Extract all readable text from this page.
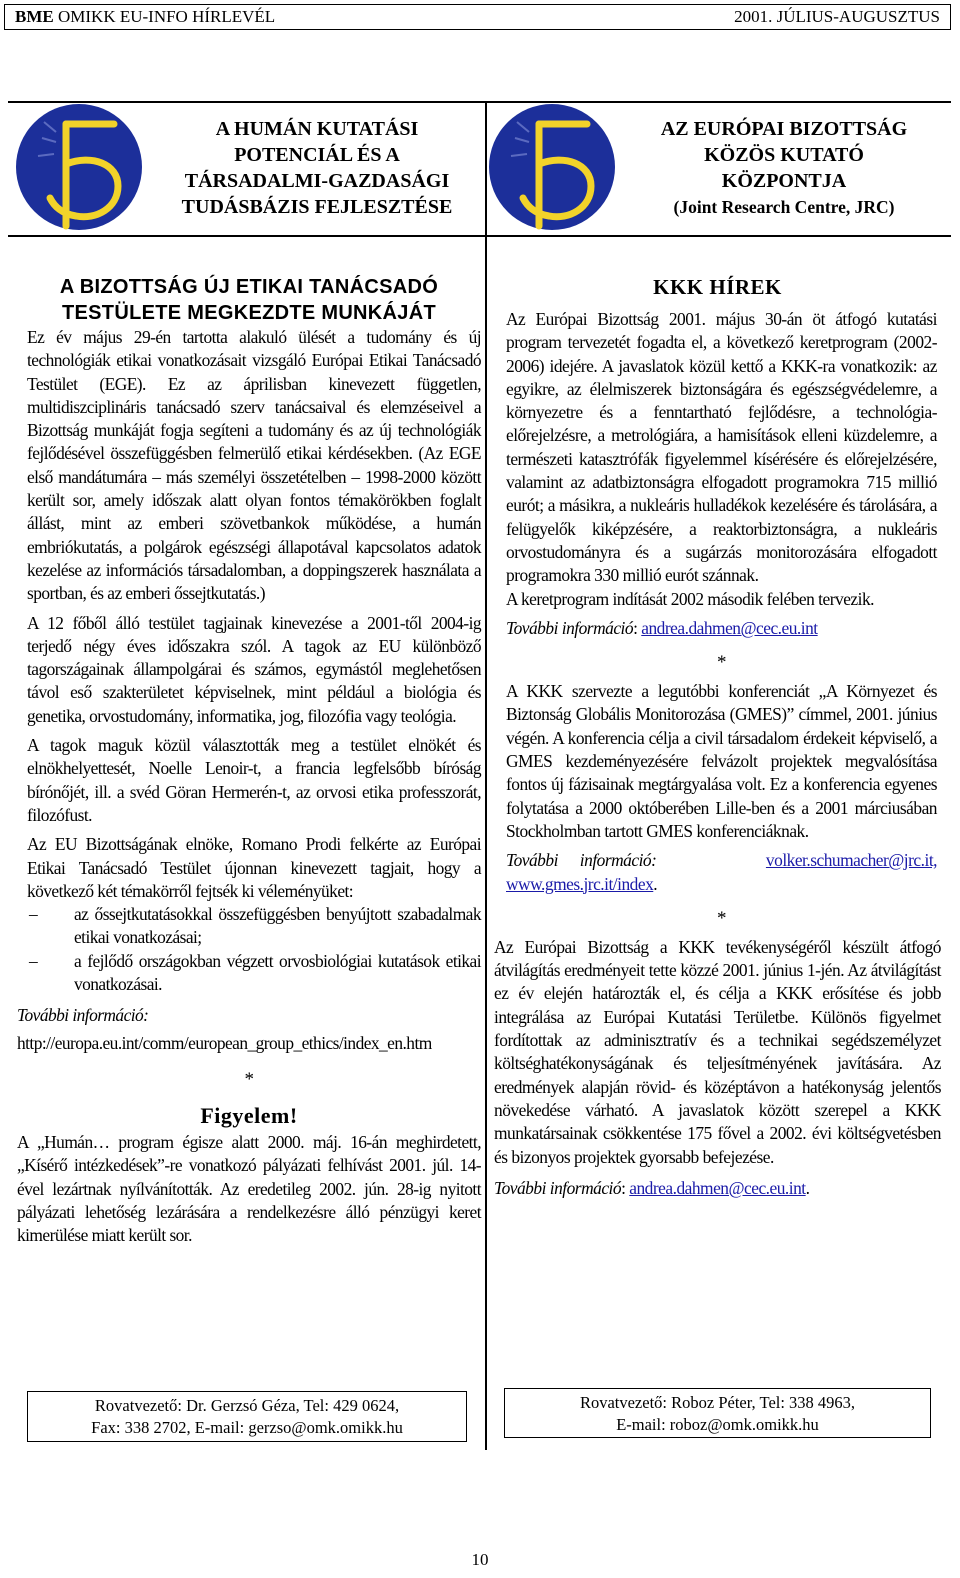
BME OMIKK EU-INFO HÍRLEVÉL	2001. JÚLIUS-AUGUSZTUS
A HUMÁN KUTATÁSI
POTENCIÁL ÉS A
TÁRSADALMI-GAZDASÁGI
TUDÁSBÁZIS FEJLESZTÉSE
AZ EURÓPAI BIZOTTSÁG
KÖZÖS KUTATÓ
KÖZPONTJA
(Joint Research Centre, JRC)
A BIZOTTSÁG ÚJ ETIKAI TANÁCSADÓ
TESTÜLETE MEGKEZDTE MUNKÁJÁT

Ez év május 29-én tartotta alakuló ülését a tudomány és új technológiák etikai vonatkozásait vizsgáló Európai Etikai Tanácsadó Testület (EGE). Ez az áprilisban kinevezett független, multidiszciplináris tanácsadó szerv tanácsaival és elemzéseivel a Bizottság munkáját fogja segíteni a tudomány és az új technológiák fejlődésével összefüggésben felmerülő etikai kérdésekben. (Az EGE első mandátumára – más személyi összetételben – 1998-2000 között került sor, amely időszak alatt olyan fontos témakörökben foglalt állást, mint az emberi szövetbankok működése, a humán embriókutatás, a polgárok egészségi állapotával kapcsolatos adatok kezelése az információs társadalomban, a doppingszerek használata a sportban, és az emberi őssejtkutatás.)

A 12 főből álló testület tagjainak kinevezése a 2001-től 2004-ig terjedő négy éves időszakra szól. A tagok az EU különböző tagországainak állampolgárai és számos, egymástól meglehetősen távol eső szakterületet képviselnek, mint például a biológia és genetika, orvostudomány, informatika, jog, filozófia vagy teológia.

A tagok maguk közül választották meg a testület elnökét és elnökhelyettesét, Noelle Lenoir-t, a francia legfelsőbb bíróság bírónőjét, ill. a svéd Göran Hermerén-t, az orvosi etika professzorát, filozófust.

Az EU Bizottságának elnöke, Romano Prodi felkérte az Európai Etikai Tanácsadó Testület újonnan kinevezett tagjait, hogy a következő két témakörről fejtsék ki véleményüket:

– az őssejtkutatásokkal összefüggésben benyújtott szabadalmak etikai vonatkozásai;
– a fejlődő országokban végzett orvosbiológiai kutatások etikai vonatkozásai.

További információ:

http://europa.eu.int/comm/european_group_ethics/index_en.htm

*
Figyelem!

A „Humán… program égisze alatt 2000. máj. 16-án meghirdetett, „Kísérő intézkedések”-re vonatkozó pályázati felhívást 2001. júl. 14-ével lezártnak nyílvánították. Az eredetileg 2002. jún. 28-ig nyitott pályázati lehetőség lezárására a rendelkezésre álló pénzügyi keret kimerülése miatt került sor.

Rovatvezető: Dr. Gerzsó Géza, Tel: 429 0624,
Fax: 338 2702, E-mail: gerzso@omk.omikk.hu
KKK HÍREK

Az Európai Bizottság 2001. május 30-án öt átfogó kutatási program tervezetét fogadta el, a következő keretprogram (2002-2006) idejére. A javaslatok közül kettő a KKK-ra vonatkozik: az egyikre, az élelmiszerek biztonságára és egészségvédelemre, a környezetre és a fenntartható fejlődésre, a technológia-előrejelzésre, a metrológiára, a hamisítások elleni küzdelemre, a természeti katasztrófák figyelemmel kísérésére és előrejelzésére, valamint az adatbiztonságra elfogadott programokra 715 millió eurót; a másikra, a nukleáris hulladékok kezelésére és tárolására, a felügyelők kiképzésére, a reaktorbiztonságra, a nukleáris orvostudományra és a sugárzás monitorozására elfogadott programokra 330 millió eurót szánnak.

A keretprogram indítását 2002 második felében tervezik.

További információ: andrea.dahmen@cec.eu.int

*

A KKK szervezte a legutóbbi konferenciát „A Környezet és Biztonság Globális Monitorozása (GMES)” címmel, 2001. június végén. A konferencia célja a civil társadalom érdekeit képviselő, a GMES kezdeményezésére felvázolt projektek megvalósítása fontos új fázisainak megtárgyalása volt. Ez a konferencia egyenes folytatása a 2000 októberében Lille-ben és a 2001 márciusában Stockholmban tartott GMES konferenciáknak.

További információ:	volker.schumacher@jrc.it, www.gmes.jrc.it/index.

*

Az Európai Bizottság a KKK tevékenységéről készült átfogó átvilágítás eredményeit tette közzé 2001. június 1-jén. Az átvilágítást ez év elején határozták el, és célja a KKK erősítése és jobb integrálása az Európai Kutatási Területbe. Különös figyelmet fordítottak az adminisztratív és a technikai segédszemélyzet költséghatékonyságának és teljesítményének javítására. Az eredmények alapján rövid- és középtávon a hatékonyság jelentős növekedése várható. A javaslatok között szerepel a KKK munkatársainak csökkentése 175 fővel a 2002. évi költségvetésben és bizonyos projektek gyorsabb befejezése.

További információ: andrea.dahmen@cec.eu.int.

Rovatvezető: Roboz Péter, Tel: 338 4963,
E-mail: roboz@omk.omikk.hu
10
